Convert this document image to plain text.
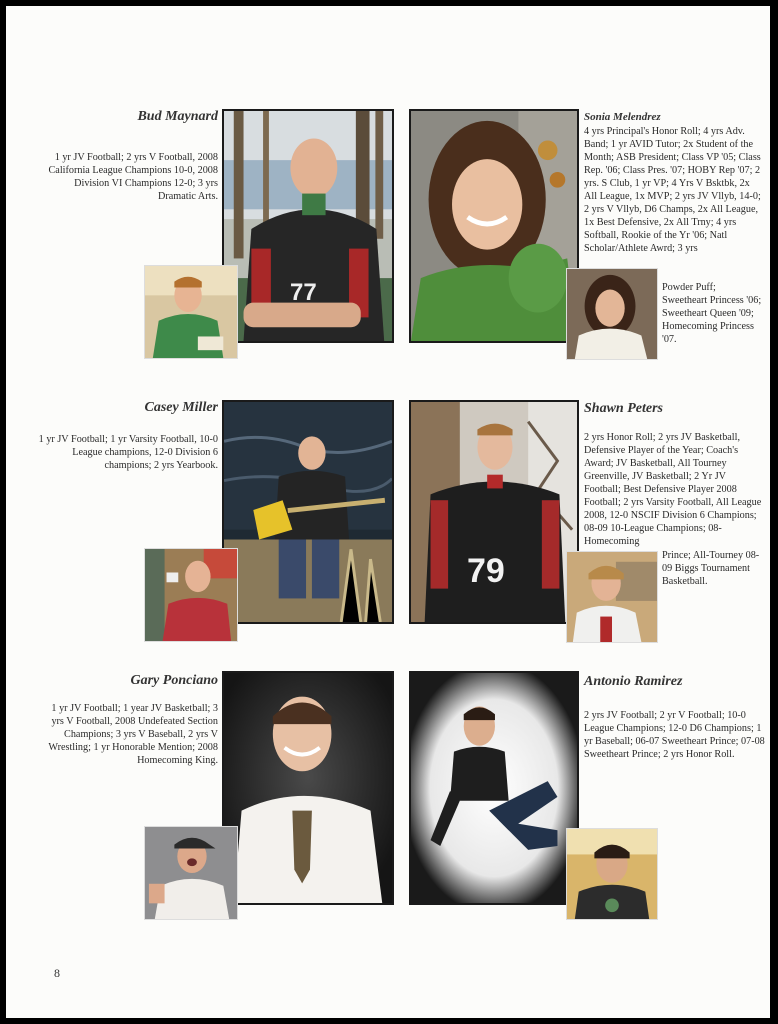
Bud Maynard
1 yr JV Football; 2 yrs V Football, 2008 California League Champions 10-0, 2008 Division VI Champions 12-0; 3 yrs Dramatic Arts.
77
Sonia Melendrez
4 yrs Principal's Honor Roll; 4 yrs Adv. Band; 1 yr AVID Tutor; 2x Student of the Month; ASB President; Class VP '05; Class Rep. '06; Class Pres. '07; HOBY Rep '07; 2 yrs. S Club, 1 yr VP; 4 Yrs V Bsktbk, 2x All League, 1x MVP; 2 yrs JV Vllyb, 14-0; 2 yrs V Vllyb, D6 Champs, 2x All League, 1x Best Defensive, 2x All Trny; 4 yrs Softball, Rookie of the Yr '06; Natl Scholar/Athlete Awrd; 3 yrs
Powder Puff; Sweetheart Princess '06; Sweetheart Queen '09; Homecoming Princess '07.
Casey Miller
1 yr JV Football; 1 yr Varsity Football, 10-0 League champions, 12-0 Division 6 champions; 2 yrs Yearbook.
79
Shawn Peters
2 yrs Honor Roll; 2 yrs JV Basketball, Defensive Player of the Year; Coach's Award; JV Basketball, All Tourney Greenville, JV Basketball; 2 Yr JV Football; Best Defensive Player 2008 Football; 2 yrs Varsity Football, All League 2008, 12-0 NSCIF Division 6 Champions; 08-09 10-League Champions; 08-Homecoming
Prince; All-Tourney 08-09 Biggs Tournament Basketball.
Gary Ponciano
1 yr JV Football; 1 year JV Basketball; 3 yrs V Football, 2008 Undefeated Section Champions; 3 yrs V Baseball, 2 yrs V Wrestling; 1 yr Honorable Mention; 2008 Homecoming King.
Antonio Ramirez
2 yrs JV Football; 2 yr V Football; 10-0 League Champions; 12-0 D6 Champions; 1 yr Baseball; 06-07 Sweetheart Prince; 07-08 Sweetheart Prince; 2 yrs Honor Roll.
8
